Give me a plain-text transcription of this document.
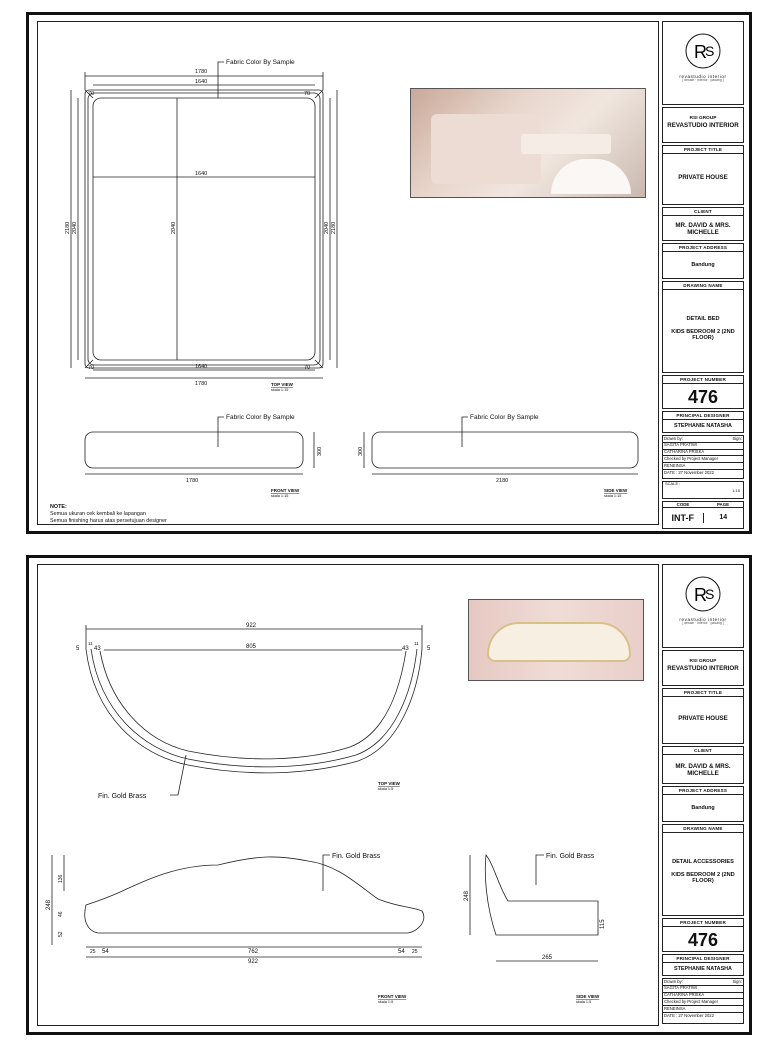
1780
1640
1640
1640
1780
70	70
70	70
2180 2040	2040	2040 2180
Fabric Color By Sample
Fabric Color By Sample	Fabric Color By Sample
1780
300
2180
300
TOP VIEW
skala 1:15
FRONT VIEW
skala 1:15
SIDE VIEW
skala 1:15
NOTE:
Semua ukuran cek kembali ke lapangan
Semua finishing harus atas persetujuan designer
R
S
revastudio interior
[ desain · interior · pasang ]
RSI GROUP
REVASTUDIO INTERIOR
PROJECT TITLE
PRIVATE HOUSE
CLIENT
MR. DAVID & MRS. MICHELLE
PROJECT ADDRESS
Bandung
DRAWING NAME
DETAIL BED
KIDS BEDROOM 2 (2ND FLOOR)
PROJECT NUMBER
476
PRINCIPAL DESIGNER
STEPHANIE NATASHA
Drawn by:	Sign:
SAGITA PRATIWI
CATHARINA PRISKA
Checked by Project Manager
RENEINSA
DATE : 27 November 2022
SCALE :
1:15
CODE	PAGE
INT-F	14
922
805
5
11
43	43
11
5
Fin. Gold Brass
Fin. Gold Brass	Fin. Gold Brass
248
136
46
52
762
922
25 54	54 25
248
115
265
TOP VIEW
skala 1:5
FRONT VIEW
skala 1:5
SIDE VIEW
skala 1:5
R
S
revastudio interior
[ desain · interior · pasang ]
RSI GROUP
REVASTUDIO INTERIOR
PROJECT TITLE
PRIVATE HOUSE
CLIENT
MR. DAVID & MRS. MICHELLE
PROJECT ADDRESS
Bandung
DRAWING NAME
DETAIL ACCESSORIES
KIDS BEDROOM 2 (2ND FLOOR)
PROJECT NUMBER
476
PRINCIPAL DESIGNER
STEPHANIE NATASHA
Drawn by:	Sign:
SAGITA PRATIWI
CATHARINA PRISKA
Checked by Project Manager
RENEINSA
DATE : 27 November 2022
